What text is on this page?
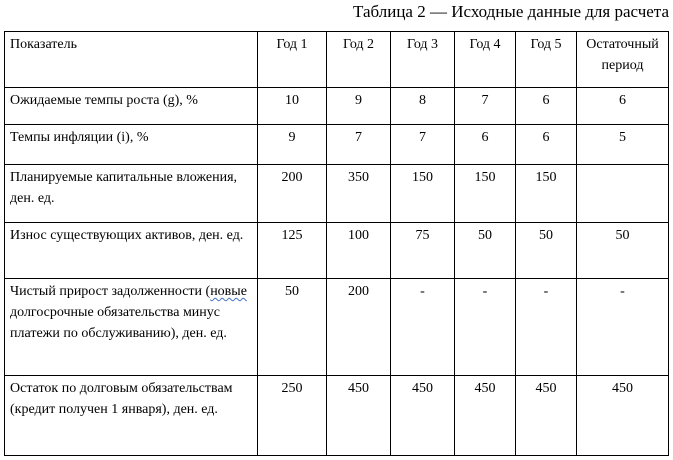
Таблица 2 — Исходные данные для расчета
Показатель	Год 1	Год 2	Год 3	Год 4	Год 5	Остаточный период
Ожидаемые темпы роста (g), %	10	9	8	7	6	6
Темпы инфляции (i), %	9	7	7	6	6	5
Планируемые капитальные вложения, ден. ед.	200	350	150	150	150	
Износ существующих активов, ден. ед.	125	100	75	50	50	50
Чистый прирост задолженности (новые долгосрочные обязательства минус платежи по обслуживанию), ден. ед.	50	200	-	-	-	-
Остаток по долговым обязательствам (кредит получен 1 января), ден. ед.	250	450	450	450	450	450
